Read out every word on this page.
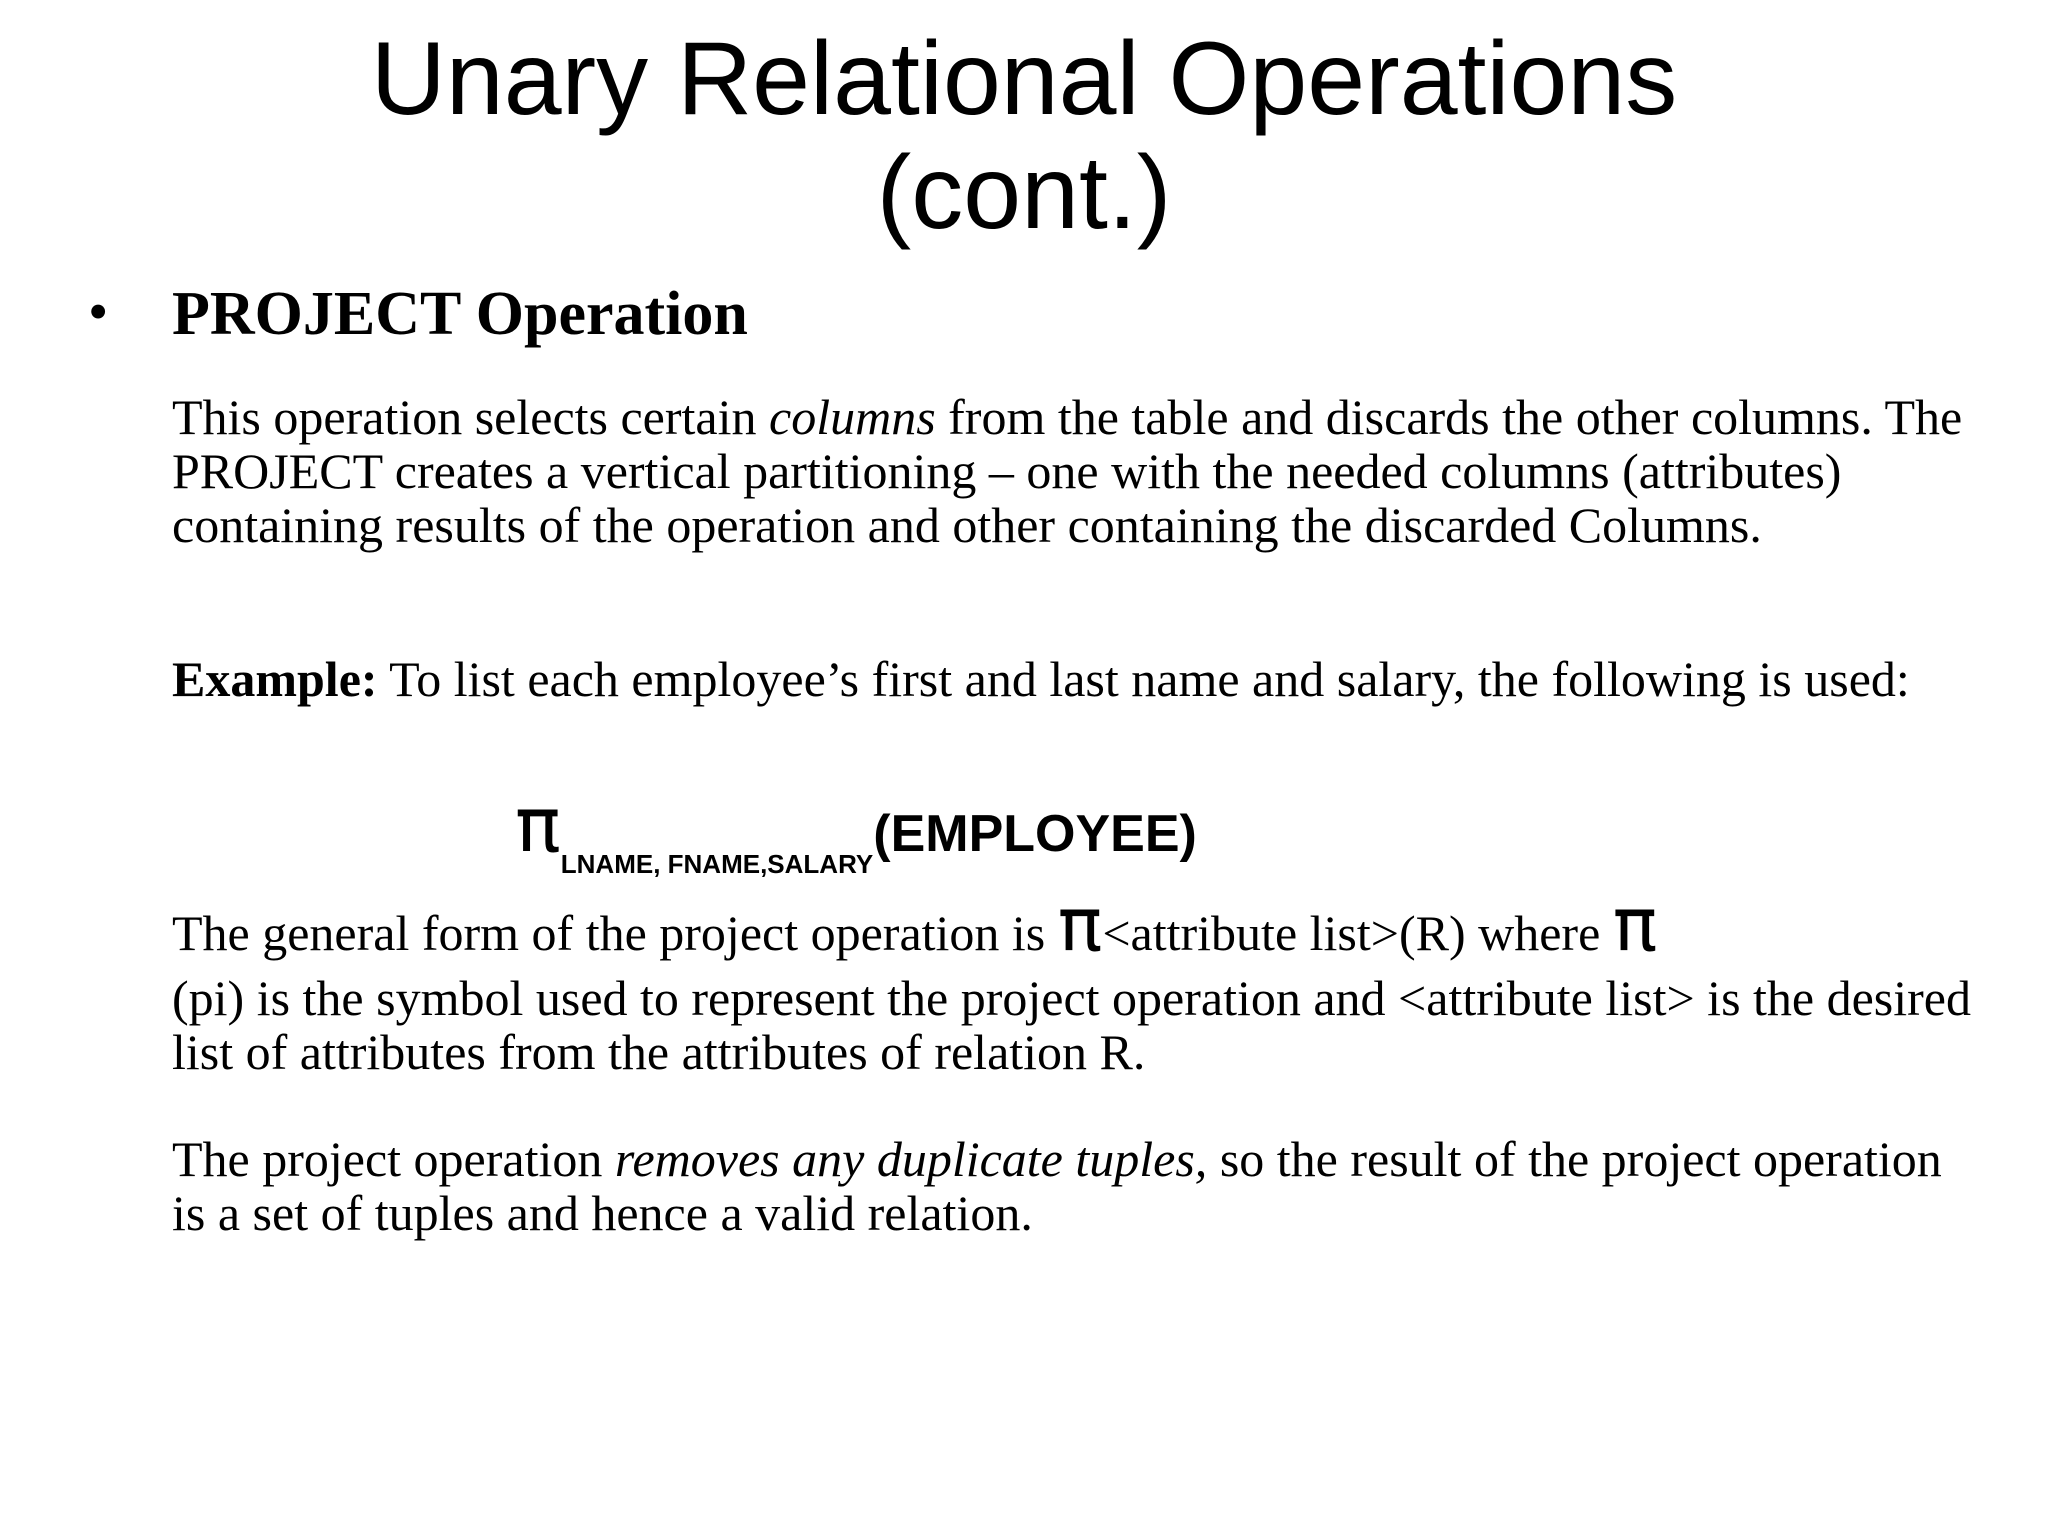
Unary Relational Operations
(cont.)
• PROJECT Operation

This operation selects certain columns from the table and discards the other columns. The PROJECT creates a vertical partitioning – one with the needed columns (attributes) containing results of the operation and other containing the discarded Columns.

Example: To list each employee’s first and last name and salary, the following is used:

πLNAME, FNAME,SALARY(EMPLOYEE)

The general form of the project operation is π<attribute list>(R) where π
(pi) is the symbol used to represent the project operation and <attribute list> is the desired list of attributes from the attributes of relation R.

The project operation removes any duplicate tuples, so the result of the project operation is a set of tuples and hence a valid relation.
